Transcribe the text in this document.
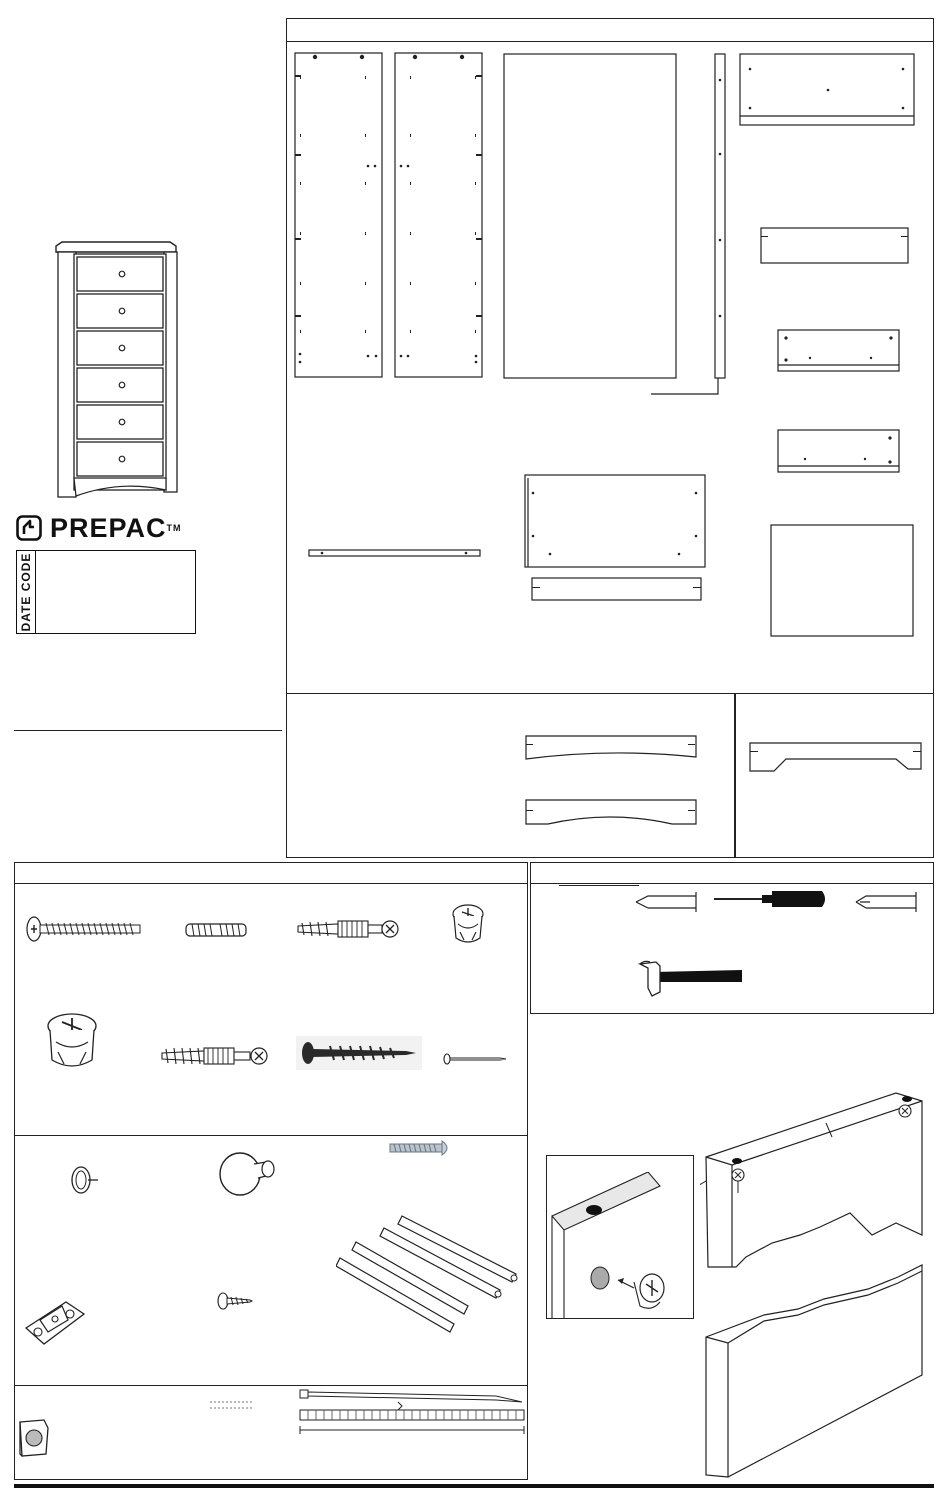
PREPAC™
DATE CODE
